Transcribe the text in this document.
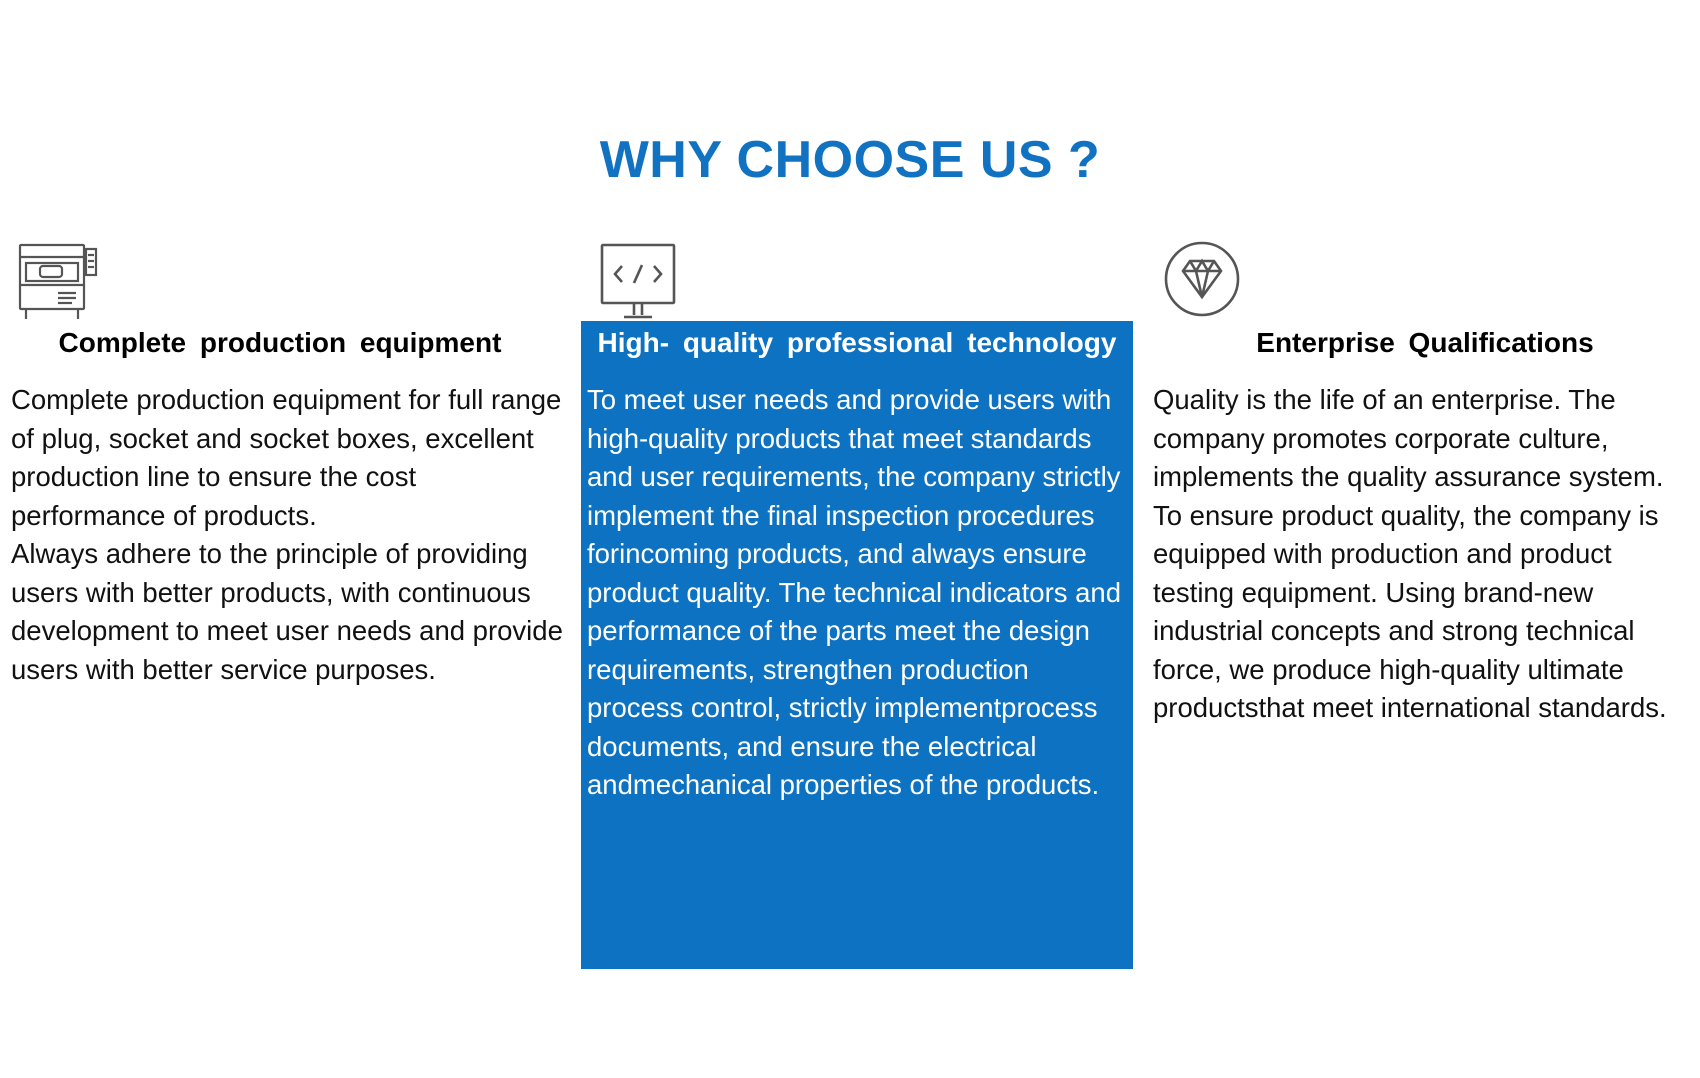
WHY CHOOSE US ?
Complete production equipment	High- quality professional technology	Enterprise Qualifications

Complete production equipment for full range of plug, socket and socket boxes, excellent production line to ensure the cost performance of products.

Always adhere to the principle of providing users with better products, with continuous development to meet user needs and provide users with better service purposes.

To meet user needs and provide users with high-quality products that meet standards and user requirements, the company strictly implement the final inspection procedures forincoming products, and always ensure product quality. The technical indicators and performance of the parts meet the design requirements, strengthen production process control, strictly implementprocess documents, and ensure the electrical andmechanical properties of the products.

Quality is the life of an enterprise. The company promotes corporate culture, implements the quality assurance system. To ensure product quality, the company is equipped with production and product testing equipment. Using brand-new industrial concepts and strong technical force, we produce high-quality ultimate productsthat meet international standards.
